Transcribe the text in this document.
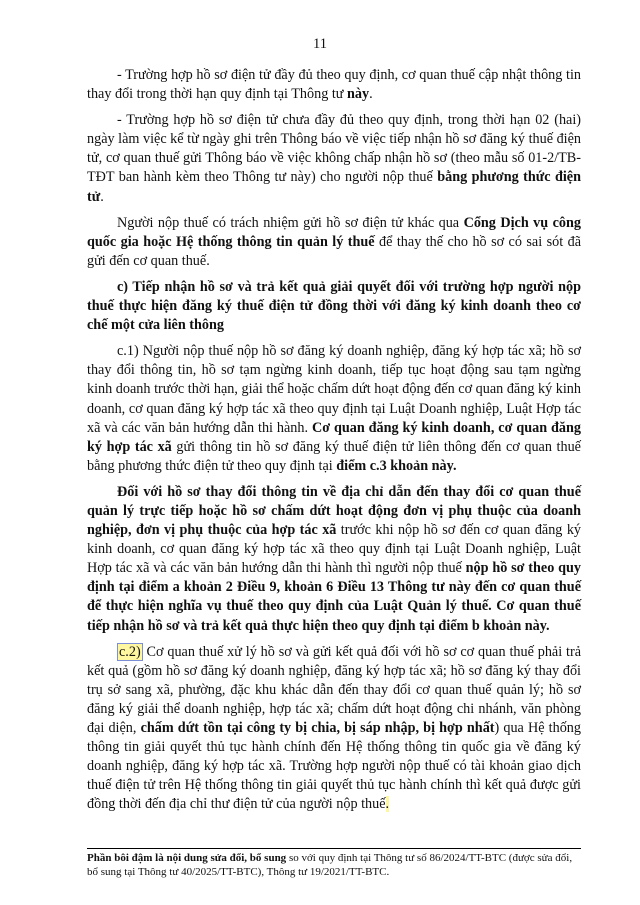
11

- Trường hợp hồ sơ điện tử đầy đủ theo quy định, cơ quan thuế cập nhật thông tin thay đổi trong thời hạn quy định tại Thông tư này.

- Trường hợp hồ sơ điện tử chưa đầy đủ theo quy định, trong thời hạn 02 (hai) ngày làm việc kể từ ngày ghi trên Thông báo về việc tiếp nhận hồ sơ đăng ký thuế điện tử, cơ quan thuế gửi Thông báo về việc không chấp nhận hồ sơ (theo mẫu số 01-2/TB-TĐT ban hành kèm theo Thông tư này) cho người nộp thuế bằng phương thức điện tử.

Người nộp thuế có trách nhiệm gửi hồ sơ điện tử khác qua Cổng Dịch vụ công quốc gia hoặc Hệ thống thông tin quản lý thuế để thay thế cho hồ sơ có sai sót đã gửi đến cơ quan thuế.

c) Tiếp nhận hồ sơ và trả kết quả giải quyết đối với trường hợp người nộp thuế thực hiện đăng ký thuế điện tử đồng thời với đăng ký kinh doanh theo cơ chế một cửa liên thông

c.1) Người nộp thuế nộp hồ sơ đăng ký doanh nghiệp, đăng ký hợp tác xã; hồ sơ thay đổi thông tin, hồ sơ tạm ngừng kinh doanh, tiếp tục hoạt động sau tạm ngừng kinh doanh trước thời hạn, giải thể hoặc chấm dứt hoạt động đến cơ quan đăng ký kinh doanh, cơ quan đăng ký hợp tác xã theo quy định tại Luật Doanh nghiệp, Luật Hợp tác xã và các văn bản hướng dẫn thi hành. Cơ quan đăng ký kinh doanh, cơ quan đăng ký hợp tác xã gửi thông tin hồ sơ đăng ký thuế điện tử liên thông đến cơ quan thuế bằng phương thức điện tử theo quy định tại điểm c.3 khoản này.

Đối với hồ sơ thay đổi thông tin về địa chỉ dẫn đến thay đổi cơ quan thuế quản lý trực tiếp hoặc hồ sơ chấm dứt hoạt động đơn vị phụ thuộc của doanh nghiệp, đơn vị phụ thuộc của hợp tác xã trước khi nộp hồ sơ đến cơ quan đăng ký kinh doanh, cơ quan đăng ký hợp tác xã theo quy định tại Luật Doanh nghiệp, Luật Hợp tác xã và các văn bản hướng dẫn thi hành thì người nộp thuế nộp hồ sơ theo quy định tại điểm a khoản 2 Điều 9, khoản 6 Điều 13 Thông tư này đến cơ quan thuế để thực hiện nghĩa vụ thuế theo quy định của Luật Quản lý thuế. Cơ quan thuế tiếp nhận hồ sơ và trả kết quả thực hiện theo quy định tại điểm b khoản này.

c.2) Cơ quan thuế xử lý hồ sơ và gửi kết quả đối với hồ sơ cơ quan thuế phải trả kết quả (gồm hồ sơ đăng ký doanh nghiệp, đăng ký hợp tác xã; hồ sơ đăng ký thay đổi trụ sở sang xã, phường, đặc khu khác dẫn đến thay đổi cơ quan thuế quản lý; hồ sơ đăng ký giải thể doanh nghiệp, hợp tác xã; chấm dứt hoạt động chi nhánh, văn phòng đại diện, chấm dứt tồn tại công ty bị chia, bị sáp nhập, bị hợp nhất) qua Hệ thống thông tin giải quyết thủ tục hành chính đến Hệ thống thông tin quốc gia về đăng ký doanh nghiệp, đăng ký hợp tác xã. Trường hợp người nộp thuế có tài khoản giao dịch thuế điện tử trên Hệ thống thông tin giải quyết thủ tục hành chính thì kết quả được gửi đồng thời đến địa chỉ thư điện tử của người nộp thuế.

Phần bôi đậm là nội dung sửa đổi, bổ sung so với quy định tại Thông tư số 86/2024/TT-BTC (được sửa đổi, bổ sung tại Thông tư 40/2025/TT-BTC), Thông tư 19/2021/TT-BTC.
